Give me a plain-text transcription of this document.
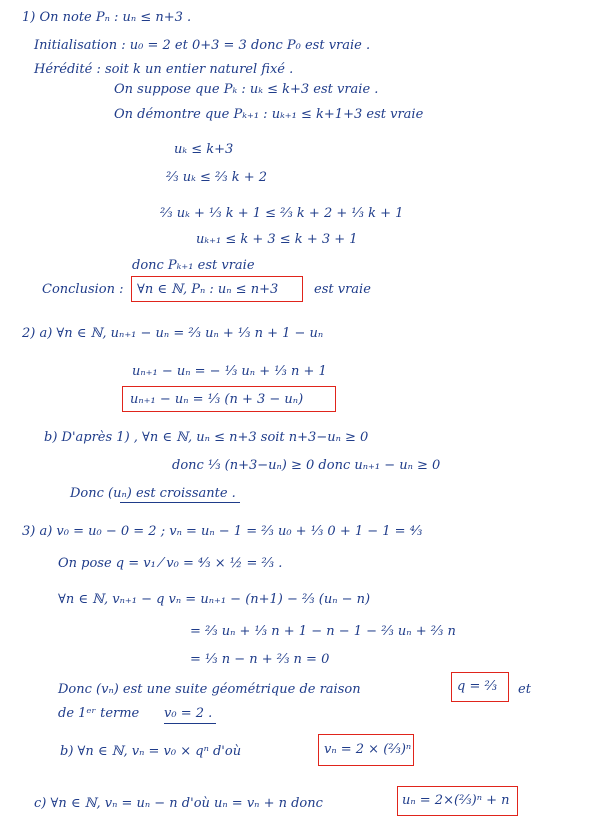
1) On note Pₙ : uₙ ≤ n+3 .
Initialisation : u₀ = 2 et 0+3 = 3 donc P₀ est vraie .
Hérédité : soit k un entier naturel fixé .
On suppose que Pₖ : uₖ ≤ k+3 est vraie .
On démontre que Pₖ₊₁ : uₖ₊₁ ≤ k+1+3 est vraie
uₖ ≤ k+3
²⁄₃ uₖ ≤ ²⁄₃ k + 2
²⁄₃ uₖ + ¹⁄₃ k + 1 ≤ ²⁄₃ k + 2 + ¹⁄₃ k + 1
uₖ₊₁ ≤ k + 3 ≤ k + 3 + 1
donc Pₖ₊₁ est vraie
Conclusion : ∀n ∈ ℕ, Pₙ : uₙ ≤ n+3	est vraie
2) a) ∀n ∈ ℕ, uₙ₊₁ − uₙ = ²⁄₃ uₙ + ¹⁄₃ n + 1 − uₙ
uₙ₊₁ − uₙ = − ¹⁄₃ uₙ + ¹⁄₃ n + 1
uₙ₊₁ − uₙ = ¹⁄₃ (n + 3 − uₙ)
b) D'après 1) , ∀n ∈ ℕ, uₙ ≤ n+3 soit n+3−uₙ ≥ 0
donc ¹⁄₃ (n+3−uₙ) ≥ 0 donc uₙ₊₁ − uₙ ≥ 0
Donc (uₙ) est croissante .
3) a) v₀ = u₀ − 0 = 2 ; vₙ = uₙ − 1 = ²⁄₃ u₀ + ¹⁄₃ 0 + 1 − 1 = ⁴⁄₃
On pose q = v₁ ⁄ v₀ = ⁴⁄₃ × ½ = ²⁄₃ .
∀n ∈ ℕ, vₙ₊₁ − q vₙ = uₙ₊₁ − (n+1) − ²⁄₃ (uₙ − n)
= ²⁄₃ uₙ + ¹⁄₃ n + 1 − n − 1 − ²⁄₃ uₙ + ²⁄₃ n
= ¹⁄₃ n − n + ²⁄₃ n = 0
Donc (vₙ) est une suite géométrique de raison	q = ²⁄₃ et
de 1ᵉʳ terme v₀ = 2 .
b) ∀n ∈ ℕ, vₙ = v₀ × qⁿ d'où	vₙ = 2 × (²⁄₃)ⁿ
c) ∀n ∈ ℕ, vₙ = uₙ − n d'où uₙ = vₙ + n donc	uₙ = 2×(²⁄₃)ⁿ + n
